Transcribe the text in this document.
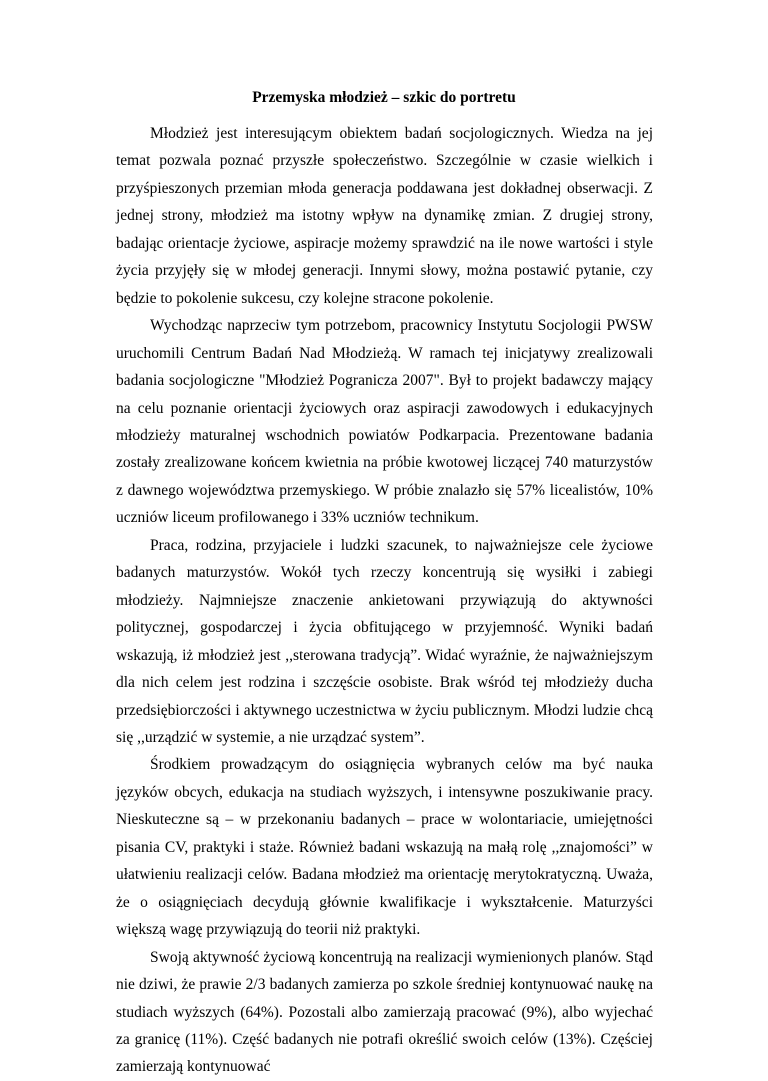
Przemyska młodzież – szkic do portretu

Młodzież jest interesującym obiektem badań socjologicznych. Wiedza na jej temat pozwala poznać przyszłe społeczeństwo. Szczególnie w czasie wielkich i przyśpieszonych przemian młoda generacja poddawana jest dokładnej obserwacji. Z jednej strony, młodzież ma istotny wpływ na dynamikę zmian. Z drugiej strony, badając orientacje życiowe, aspiracje możemy sprawdzić na ile nowe wartości i style życia przyjęły się w młodej generacji. Innymi słowy, można postawić pytanie, czy będzie to pokolenie sukcesu, czy kolejne stracone pokolenie.

Wychodząc naprzeciw tym potrzebom, pracownicy Instytutu Socjologii PWSW uruchomili Centrum Badań Nad Młodzieżą. W ramach tej inicjatywy zrealizowali badania socjologiczne "Młodzież Pogranicza 2007". Był to projekt badawczy mający na celu poznanie orientacji życiowych oraz aspiracji zawodowych i edukacyjnych młodzieży maturalnej wschodnich powiatów Podkarpacia. Prezentowane badania zostały zrealizowane końcem kwietnia na próbie kwotowej liczącej 740 maturzystów z dawnego województwa przemyskiego. W próbie znalazło się 57% licealistów, 10% uczniów liceum profilowanego i 33% uczniów technikum.

Praca, rodzina, przyjaciele i ludzki szacunek, to najważniejsze cele życiowe badanych maturzystów. Wokół tych rzeczy koncentrują się wysiłki i zabiegi młodzieży. Najmniejsze znaczenie ankietowani przywiązują do aktywności politycznej, gospodarczej i życia obfitującego w przyjemność. Wyniki badań wskazują, iż młodzież jest ,,sterowana tradycją”. Widać wyraźnie, że najważniejszym dla nich celem jest rodzina i szczęście osobiste. Brak wśród tej młodzieży ducha przedsiębiorczości i aktywnego uczestnictwa w życiu publicznym. Młodzi ludzie chcą się ,,urządzić w systemie, a nie urządzać system”.

Środkiem prowadzącym do osiągnięcia wybranych celów ma być nauka języków obcych, edukacja na studiach wyższych, i intensywne poszukiwanie pracy. Nieskuteczne są – w przekonaniu badanych – prace w wolontariacie, umiejętności pisania CV, praktyki i staże. Również badani wskazują na małą rolę ,,znajomości” w ułatwieniu realizacji celów. Badana młodzież ma orientację merytokratyczną. Uważa, że o osiągnięciach decydują głównie kwalifikacje i wykształcenie. Maturzyści większą wagę przywiązują do teorii niż praktyki.

Swoją aktywność życiową koncentrują na realizacji wymienionych planów. Stąd nie dziwi, że prawie 2/3 badanych zamierza po szkole średniej kontynuować naukę na studiach wyższych (64%). Pozostali albo zamierzają pracować (9%), albo wyjechać za granicę (11%). Część badanych nie potrafi określić swoich celów (13%). Częściej zamierzają kontynuować
